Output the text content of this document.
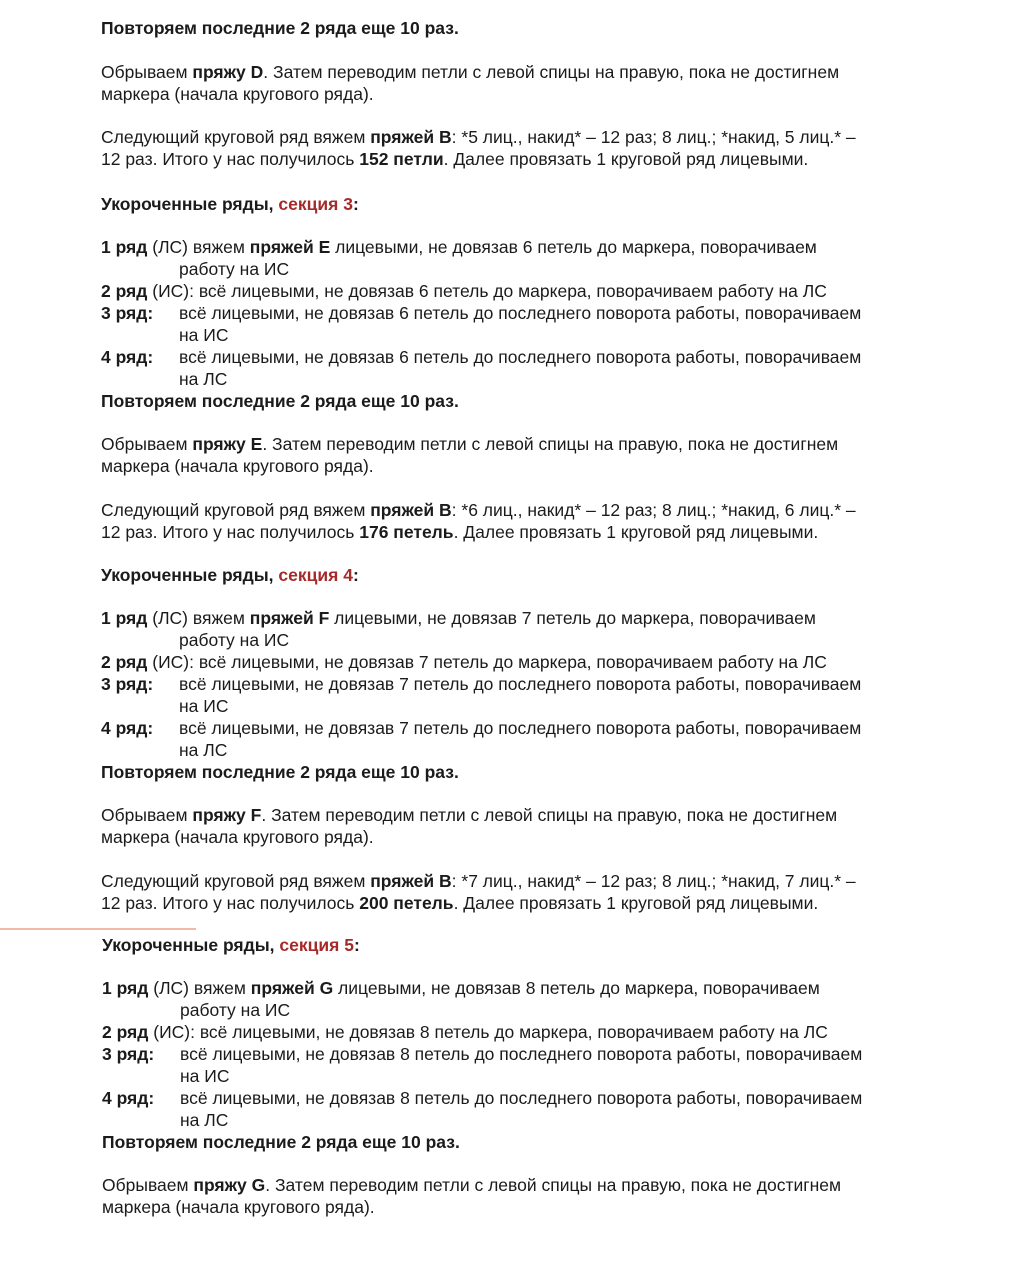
Повторяем последние 2 ряда еще 10 раз.
Обрываем пряжу D. Затем переводим петли с левой спицы на правую, пока не достигнем
маркера (начала кругового ряда).
Следующий круговой ряд вяжем пряжей B: *5 лиц., накид* – 12 раз; 8 лиц.; *накид, 5 лиц.* –
12 раз. Итого у нас получилось 152 петли. Далее провязать 1 круговой ряд лицевыми.
Укороченные ряды, секция 3:
1 ряд (ЛС) вяжем пряжей E лицевыми, не довязав 6 петель до маркера, поворачиваем
работу на ИС
2 ряд (ИС): всё лицевыми, не довязав 6 петель до маркера, поворачиваем работу на ЛС
3 ряд: всё лицевыми, не довязав 6 петель до последнего поворота работы, поворачиваем
на ИС
4 ряд: всё лицевыми, не довязав 6 петель до последнего поворота работы, поворачиваем
на ЛС
Повторяем последние 2 ряда еще 10 раз.
Обрываем пряжу E. Затем переводим петли с левой спицы на правую, пока не достигнем
маркера (начала кругового ряда).
Следующий круговой ряд вяжем пряжей B: *6 лиц., накид* – 12 раз; 8 лиц.; *накид, 6 лиц.* –
12 раз. Итого у нас получилось 176 петель. Далее провязать 1 круговой ряд лицевыми.
Укороченные ряды, секция 4:
1 ряд (ЛС) вяжем пряжей F лицевыми, не довязав 7 петель до маркера, поворачиваем
работу на ИС
2 ряд (ИС): всё лицевыми, не довязав 7 петель до маркера, поворачиваем работу на ЛС
3 ряд: всё лицевыми, не довязав 7 петель до последнего поворота работы, поворачиваем
на ИС
4 ряд: всё лицевыми, не довязав 7 петель до последнего поворота работы, поворачиваем
на ЛС
Повторяем последние 2 ряда еще 10 раз.
Обрываем пряжу F. Затем переводим петли с левой спицы на правую, пока не достигнем
маркера (начала кругового ряда).
Следующий круговой ряд вяжем пряжей B: *7 лиц., накид* – 12 раз; 8 лиц.; *накид, 7 лиц.* –
12 раз. Итого у нас получилось 200 петель. Далее провязать 1 круговой ряд лицевыми.
Укороченные ряды, секция 5:
1 ряд (ЛС) вяжем пряжей G лицевыми, не довязав 8 петель до маркера, поворачиваем
работу на ИС
2 ряд (ИС): всё лицевыми, не довязав 8 петель до маркера, поворачиваем работу на ЛС
3 ряд: всё лицевыми, не довязав 8 петель до последнего поворота работы, поворачиваем
на ИС
4 ряд: всё лицевыми, не довязав 8 петель до последнего поворота работы, поворачиваем
на ЛС
Повторяем последние 2 ряда еще 10 раз.
Обрываем пряжу G. Затем переводим петли с левой спицы на правую, пока не достигнем
маркера (начала кругового ряда).
